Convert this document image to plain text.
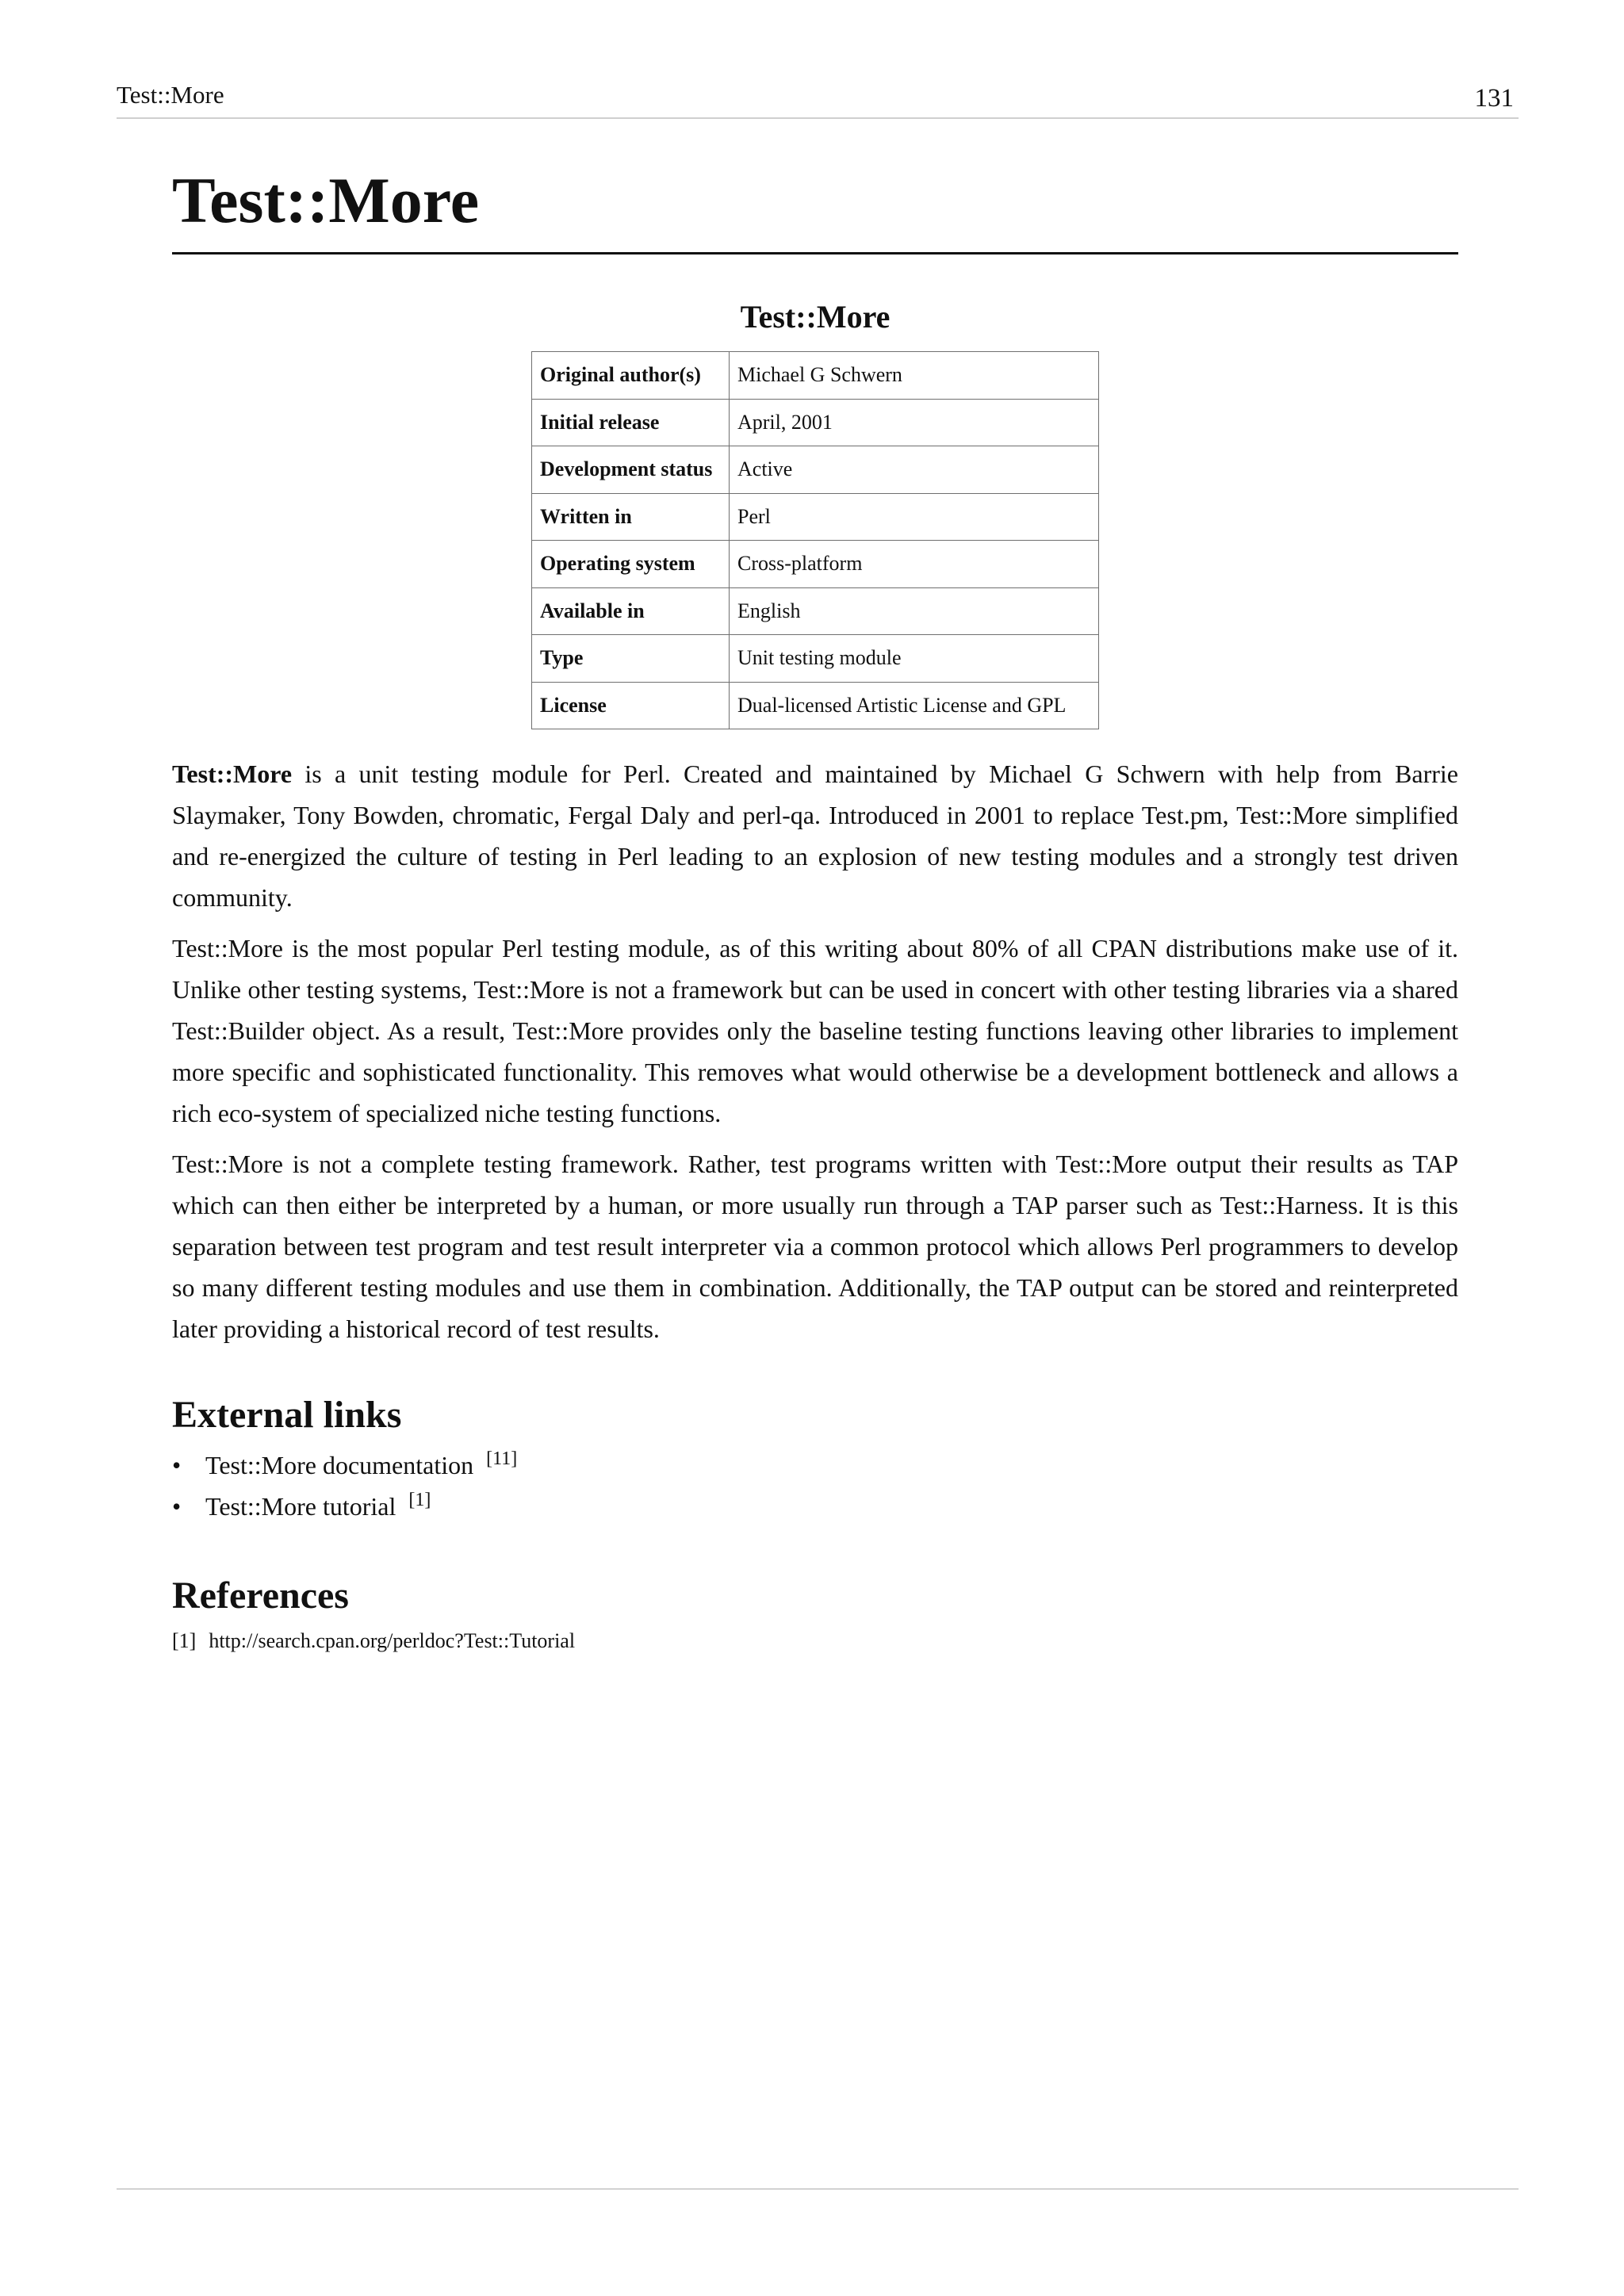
Test::More	131
Test::More
Test::More
Original author(s)	Michael G Schwern
Initial release	April, 2001
Development status	Active
Written in	Perl
Operating system	Cross-platform
Available in	English
Type	Unit testing module
License	Dual-licensed Artistic License and GPL

Test::More is a unit testing module for Perl. Created and maintained by Michael G Schwern with help from Barrie Slaymaker, Tony Bowden, chromatic, Fergal Daly and perl-qa. Introduced in 2001 to replace Test.pm, Test::More simplified and re-energized the culture of testing in Perl leading to an explosion of new testing modules and a strongly test driven community.

Test::More is the most popular Perl testing module, as of this writing about 80% of all CPAN distributions make use of it. Unlike other testing systems, Test::More is not a framework but can be used in concert with other testing libraries via a shared Test::Builder object. As a result, Test::More provides only the baseline testing functions leaving other libraries to implement more specific and sophisticated functionality. This removes what would otherwise be a development bottleneck and allows a rich eco-system of specialized niche testing functions.

Test::More is not a complete testing framework. Rather, test programs written with Test::More output their results as TAP which can then either be interpreted by a human, or more usually run through a TAP parser such as Test::Harness. It is this separation between test program and test result interpreter via a common protocol which allows Perl programmers to develop so many different testing modules and use them in combination. Additionally, the TAP output can be stored and reinterpreted later providing a historical record of test results.

External links
• Test::More documentation [11]
• Test::More tutorial [1]
References
[1] http://search.cpan.org/perldoc?Test::Tutorial
